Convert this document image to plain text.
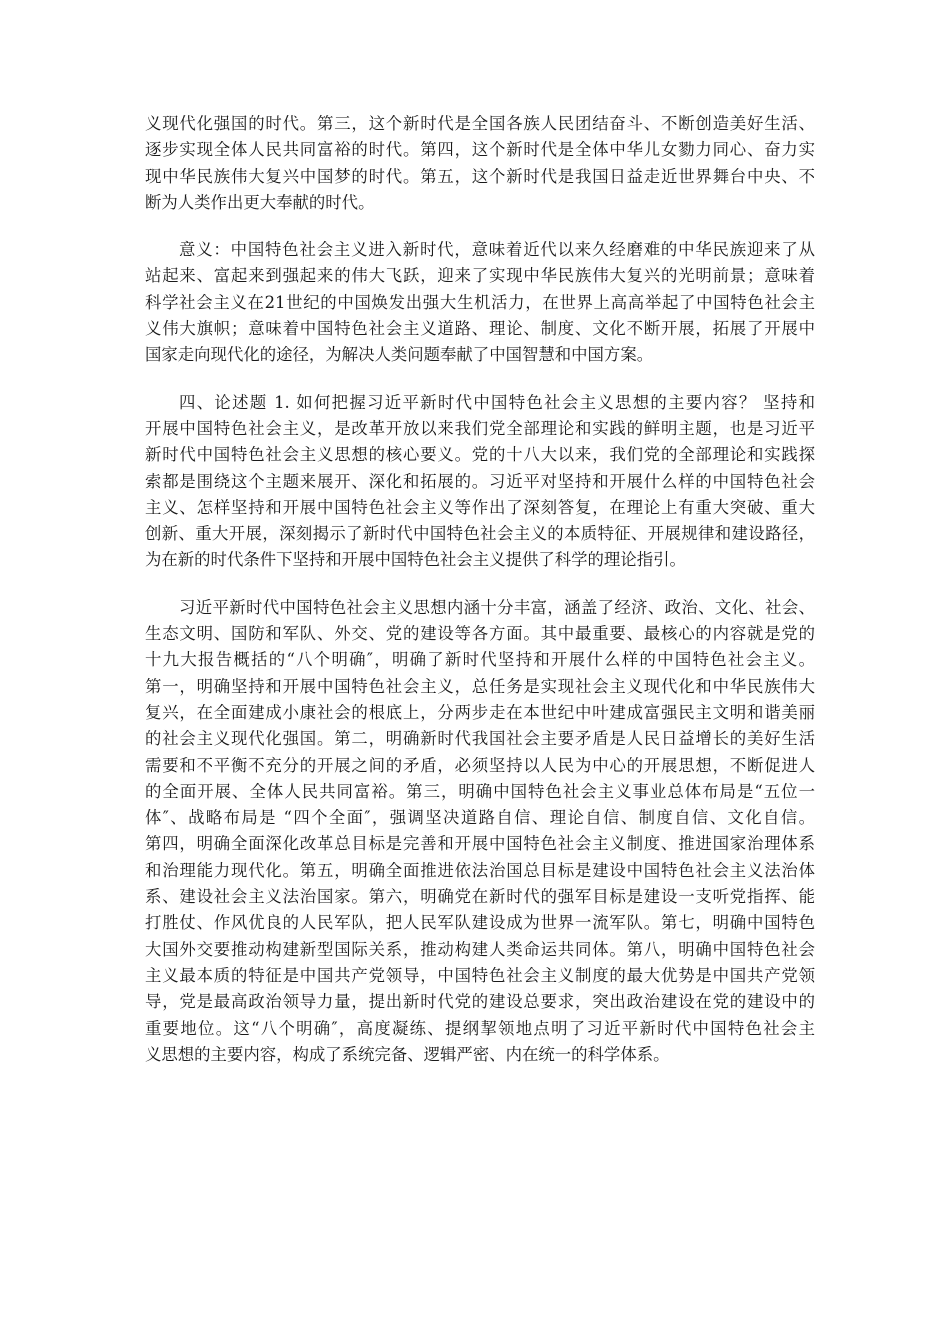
义现代化强国的时代。第三，这个新时代是全国各族人民团结奋斗、不断创造美好生活、
逐步实现全体人民共同富裕的时代。第四，这个新时代是全体中华儿女勠力同心、奋力实
现中华民族伟大复兴中国梦的时代。第五，这个新时代是我国日益走近世界舞台中央、不
断为人类作出更大奉献的时代。
意义：中国特色社会主义进入新时代，意味着近代以来久经磨难的中华民族迎来了从
站起来、富起来到强起来的伟大飞跃，迎来了实现中华民族伟大复兴的光明前景；意味着
科学社会主义在21世纪的中国焕发出强大生机活力，在世界上高高举起了中国特色社会主
义伟大旗帜；意味着中国特色社会主义道路、理论、制度、文化不断开展，拓展了开展中
国家走向现代化的途径，为解决人类问题奉献了中国智慧和中国方案。
四、论述题 1. 如何把握习近平新时代中国特色社会主义思想的主要内容？ 坚持和
开展中国特色社会主义，是改革开放以来我们党全部理论和实践的鲜明主题，也是习近平
新时代中国特色社会主义思想的核心要义。党的十八大以来，我们党的全部理论和实践探
索都是围绕这个主题来展开、深化和拓展的。习近平对坚持和开展什么样的中国特色社会
主义、怎样坚持和开展中国特色社会主义等作出了深刻答复，在理论上有重大突破、重大
创新、重大开展，深刻揭示了新时代中国特色社会主义的本质特征、开展规律和建设路径，
为在新的时代条件下坚持和开展中国特色社会主义提供了科学的理论指引。
习近平新时代中国特色社会主义思想内涵十分丰富，涵盖了经济、政治、文化、社会、
生态文明、国防和军队、外交、党的建设等各方面。其中最重要、最核心的内容就是党的
十九大报告概括的“八个明确″，明确了新时代坚持和开展什么样的中国特色社会主义。
第一，明确坚持和开展中国特色社会主义，总任务是实现社会主义现代化和中华民族伟大
复兴，在全面建成小康社会的根底上，分两步走在本世纪中叶建成富强民主文明和谐美丽
的社会主义现代化强国。第二，明确新时代我国社会主要矛盾是人民日益增长的美好生活
需要和不平衡不充分的开展之间的矛盾，必须坚持以人民为中心的开展思想，不断促进人
的全面开展、全体人民共同富裕。第三，明确中国特色社会主义事业总体布局是“五位一
体″、战略布局是 “四个全面″，强调坚决道路自信、理论自信、制度自信、文化自信。
第四，明确全面深化改革总目标是完善和开展中国特色社会主义制度、推进国家治理体系
和治理能力现代化。第五，明确全面推进依法治国总目标是建设中国特色社会主义法治体
系、建设社会主义法治国家。第六，明确党在新时代的强军目标是建设一支听党指挥、能
打胜仗、作风优良的人民军队，把人民军队建设成为世界一流军队。第七，明确中国特色
大国外交要推动构建新型国际关系，推动构建人类命运共同体。第八，明确中国特色社会
主义最本质的特征是中国共产党领导，中国特色社会主义制度的最大优势是中国共产党领
导，党是最高政治领导力量，提出新时代党的建设总要求，突出政治建设在党的建设中的
重要地位。这“八个明确″，高度凝练、提纲挈领地点明了习近平新时代中国特色社会主
义思想的主要内容，构成了系统完备、逻辑严密、内在统一的科学体系。
